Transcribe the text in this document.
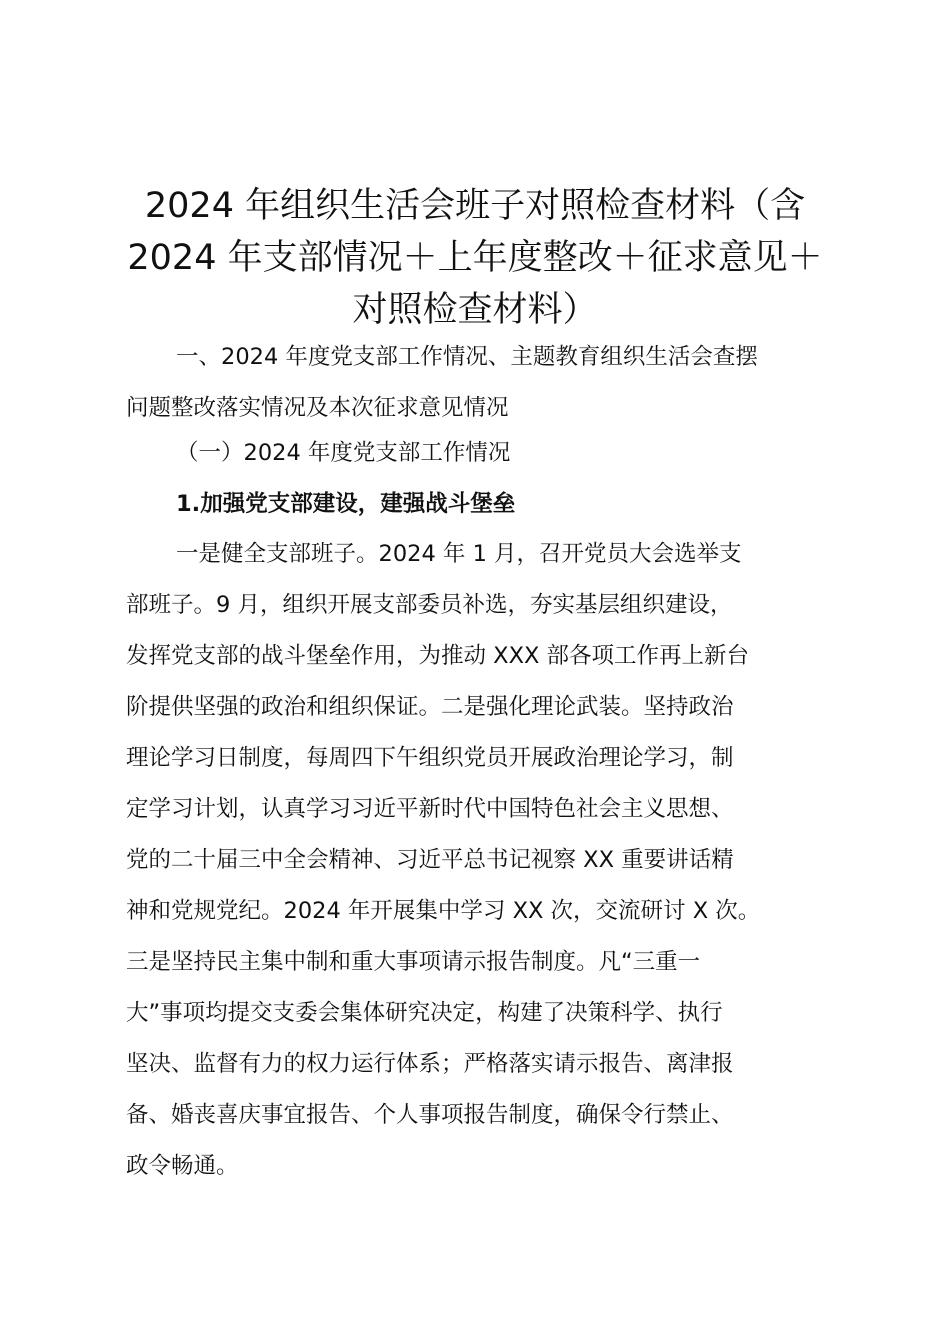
2024 年组织生活会班子对照检查材料（含
2024 年支部情况＋上年度整改＋征求意见＋
对照检查材料）
一、2024 年度党支部工作情况、主题教育组织生活会查摆
问题整改落实情况及本次征求意见情况
（一）2024 年度党支部工作情况
1.加强党支部建设，建强战斗堡垒
一是健全支部班子。2024 年 1 月，召开党员大会选举支
部班子。9 月，组织开展支部委员补选，夯实基层组织建设，
发挥党支部的战斗堡垒作用，为推动 XXX 部各项工作再上新台
阶提供坚强的政治和组织保证。二是强化理论武装。坚持政治
理论学习日制度，每周四下午组织党员开展政治理论学习，制
定学习计划，认真学习习近平新时代中国特色社会主义思想、
党的二十届三中全会精神、习近平总书记视察 XX 重要讲话精
神和党规党纪。2024 年开展集中学习 XX 次，交流研讨 X 次。
三是坚持民主集中制和重大事项请示报告制度。凡“三重一
大”事项均提交支委会集体研究决定，构建了决策科学、执行
坚决、监督有力的权力运行体系；严格落实请示报告、离津报
备、婚丧喜庆事宜报告、个人事项报告制度，确保令行禁止、
政令畅通。
